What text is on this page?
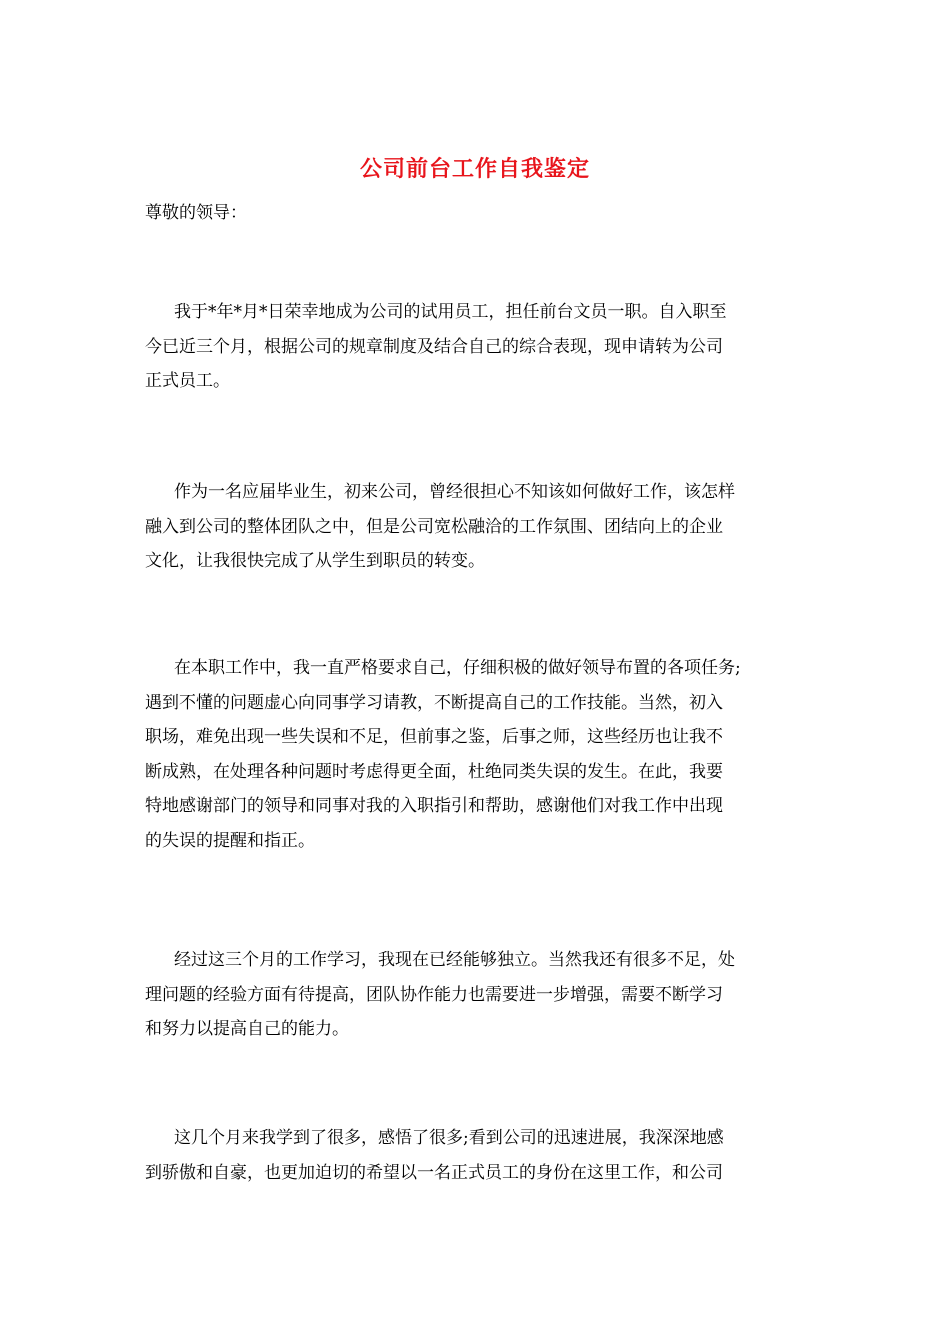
公司前台工作自我鉴定
尊敬的领导：

我于*年*月*日荣幸地成为公司的试用员工，担任前台文员一职。自入职至
今已近三个月，根据公司的规章制度及结合自己的综合表现，现申请转为公司
正式员工。

作为一名应届毕业生，初来公司，曾经很担心不知该如何做好工作，该怎样
融入到公司的整体团队之中，但是公司宽松融洽的工作氛围、团结向上的企业
文化，让我很快完成了从学生到职员的转变。

在本职工作中，我一直严格要求自己，仔细积极的做好领导布置的各项任务;
遇到不懂的问题虚心向同事学习请教，不断提高自己的工作技能。当然，初入
职场，难免出现一些失误和不足，但前事之鉴，后事之师，这些经历也让我不
断成熟，在处理各种问题时考虑得更全面，杜绝同类失误的发生。在此，我要
特地感谢部门的领导和同事对我的入职指引和帮助，感谢他们对我工作中出现
的失误的提醒和指正。

经过这三个月的工作学习，我现在已经能够独立。当然我还有很多不足，处
理问题的经验方面有待提高，团队协作能力也需要进一步增强，需要不断学习
和努力以提高自己的能力。

这几个月来我学到了很多，感悟了很多;看到公司的迅速进展，我深深地感
到骄傲和自豪，也更加迫切的希望以一名正式员工的身份在这里工作，和公司
